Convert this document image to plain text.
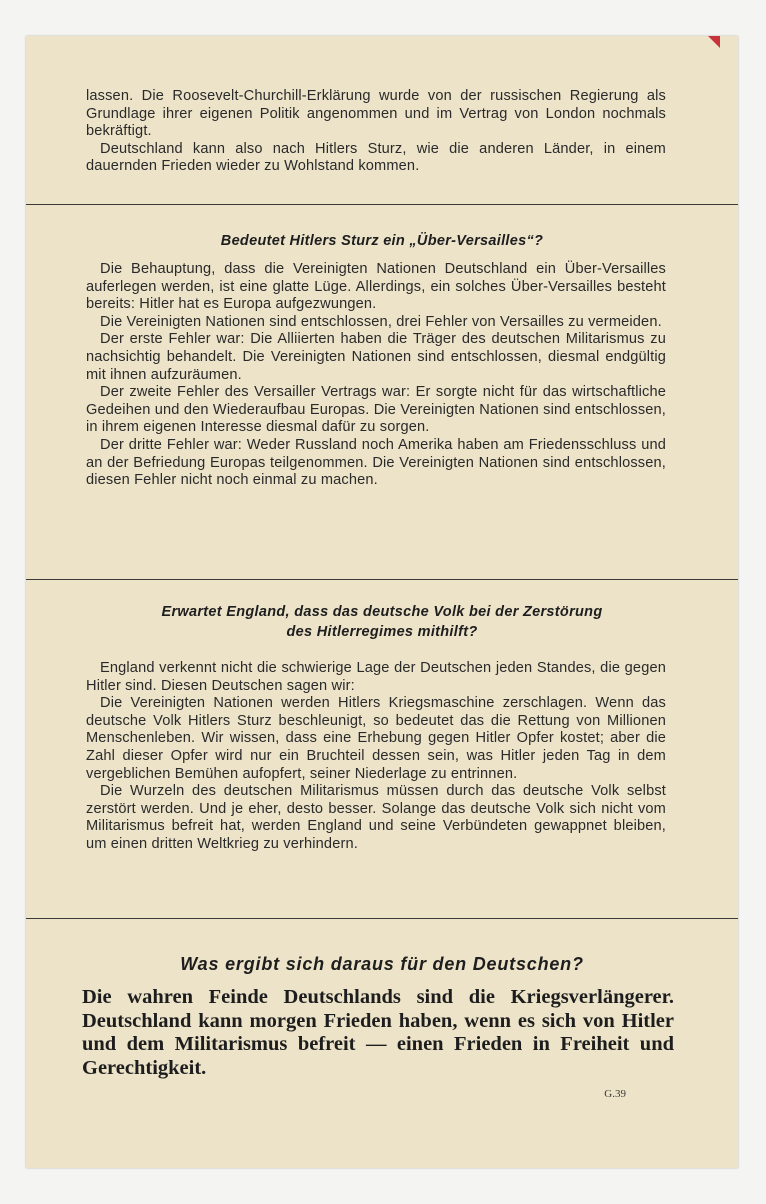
lassen. Die Roosevelt-Churchill-Erklärung wurde von der russischen Regierung als Grundlage ihrer eigenen Politik angenommen und im Vertrag von London nochmals bekräftigt.

Deutschland kann also nach Hitlers Sturz, wie die anderen Länder, in einem dauernden Frieden wieder zu Wohlstand kommen.

Bedeutet Hitlers Sturz ein „Über-Versailles“?

Die Behauptung, dass die Vereinigten Nationen Deutschland ein Über-Versailles auferlegen werden, ist eine glatte Lüge. Allerdings, ein solches Über-Versailles besteht bereits: Hitler hat es Europa aufgezwungen.

Die Vereinigten Nationen sind entschlossen, drei Fehler von Versailles zu vermeiden.

Der erste Fehler war: Die Alliierten haben die Träger des deutschen Militarismus zu nachsichtig behandelt. Die Vereinigten Nationen sind entschlossen, diesmal endgültig mit ihnen aufzuräumen.

Der zweite Fehler des Versailler Vertrags war: Er sorgte nicht für das wirtschaftliche Gedeihen und den Wiederaufbau Europas. Die Vereinigten Nationen sind entschlossen, in ihrem eigenen Interesse diesmal dafür zu sorgen.

Der dritte Fehler war: Weder Russland noch Amerika haben am Friedensschluss und an der Befriedung Europas teilgenommen. Die Vereinigten Nationen sind entschlossen, diesen Fehler nicht noch einmal zu machen.

Erwartet England, dass das deutsche Volk bei der Zerstörung
des Hitlerregimes mithilft?

England verkennt nicht die schwierige Lage der Deutschen jeden Standes, die gegen Hitler sind. Diesen Deutschen sagen wir:

Die Vereinigten Nationen werden Hitlers Kriegsmaschine zerschlagen. Wenn das deutsche Volk Hitlers Sturz beschleunigt, so bedeutet das die Rettung von Millionen Menschenleben. Wir wissen, dass eine Erhebung gegen Hitler Opfer kostet; aber die Zahl dieser Opfer wird nur ein Bruchteil dessen sein, was Hitler jeden Tag in dem vergeblichen Bemühen aufopfert, seiner Niederlage zu entrinnen.

Die Wurzeln des deutschen Militarismus müssen durch das deutsche Volk selbst zerstört werden. Und je eher, desto besser. Solange das deutsche Volk sich nicht vom Militarismus befreit hat, werden England und seine Verbündeten gewappnet bleiben, um einen dritten Weltkrieg zu verhindern.

Was ergibt sich daraus für den Deutschen?
Die wahren Feinde Deutschlands sind die Kriegsverlängerer. Deutschland kann morgen Frieden haben, wenn es sich von Hitler und dem Militarismus befreit — einen Frieden in Freiheit und Gerechtigkeit.
G.39
